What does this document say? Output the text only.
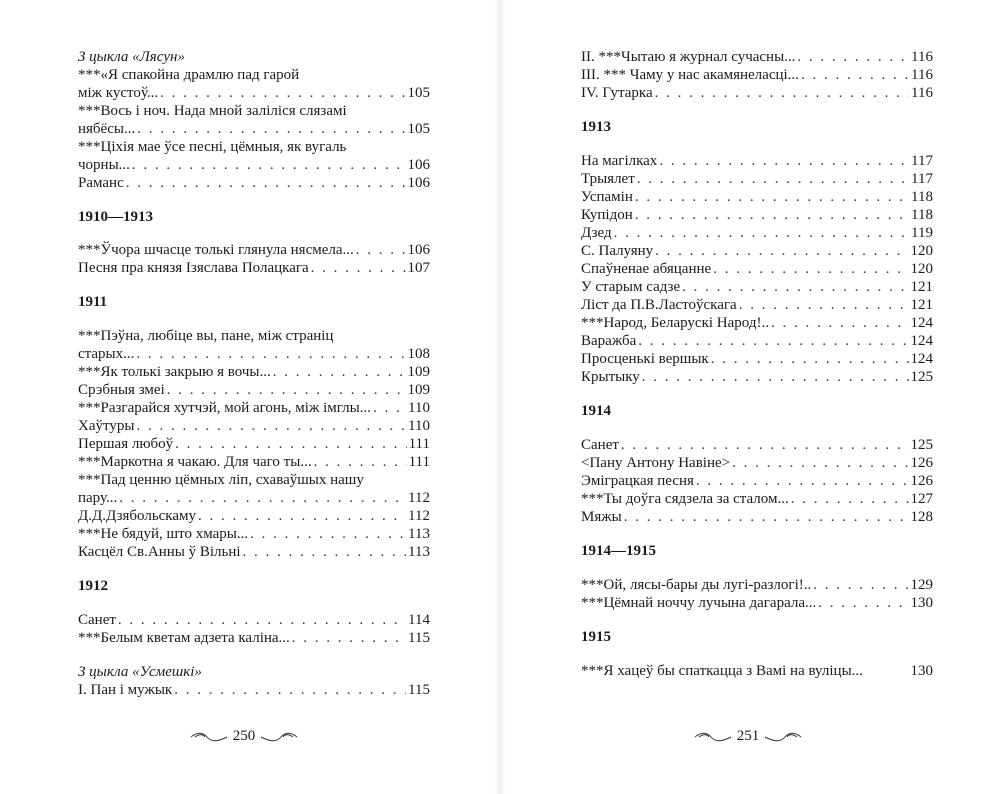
З цыкла «Лясун»
***«Я спакойна драмлю пад гарой
між кустоў... . . .	105
***Вось і ноч. Нада мной заліліся слязамі
нябёсы... . . .	105
***Ціхія мае ўсе песні, цёмныя, як вугаль
чорны... . . .	106
Раманс . . .	106
1910—1913
***Ўчора шчасце толькі глянула нясмела... . . .	106
Песня пра князя Ізяслава Полацкага . . .	107
1911
***Пэўна, любіце вы, пане, між страніц
старых... . . .	108
***Як толькі закрыю я вочы... . . .	109
Срэбныя змеі . . .	109
***Разгарайся хутчэй, мой агонь, між імглы... . . . 110
Хаўтуры . . .	110
Першая любоў . . .	111
***Маркотна я чакаю. Для чаго ты... . . .	111
***Пад ценню цёмных ліп, схаваўшых нашу
пару... . . .	112
Д.Д.Дзябольскаму . . .	112
***Не бядуй, што хмары... . . .	113
Касцёл Св.Анны ў Вільні . . .	113
1912
Санет . . .	114
***Белым кветам адзета каліна... . . .	115
З цыкла «Усмешкі»
І. Пан і мужык . . .	115
ІІ. ***Чытаю я журнал сучасны... . . .	116
ІІІ. *** Чаму у нас акамянеласці... . . .	116
IV. Гутарка . . .	116
1913
На магілках . . .	117
Трыялет . . .	117
Успамін . . .	118
Купідон . . .	118
Дзед . . .	119
С. Палуяну . . .	120
Спаўненае абяцанне . . .	120
У старым садзе . . .	121
Ліст да П.В.Ластоўскага . . .	121
***Народ, Беларускі Народ!.. . . .	124
Варажба . . .	124
Просценькі вершык . . .	124
Крытыку . . .	125
1914
Санет . . .	125
<Пану Антону Навіне> . . .	126
Эміграцкая песня . . .	126
***Ты доўга сядзела за сталом... . . .	127
Мяжы . . .	128
1914—1915
***Ой, лясы-бары ды лугі-разлогі!.. . . .	129
***Цёмнай ноччу лучына дагарала... . . .	130
1915
***Я хацеў бы спаткацца з Вамі на вуліцы...	130
250	251
